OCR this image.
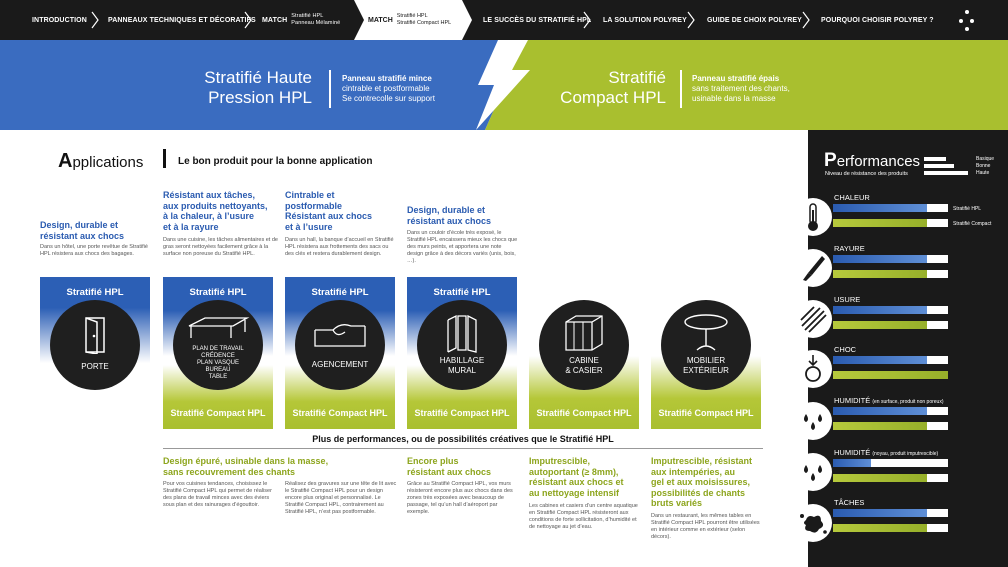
INTRODUCTION	PANNEAUX TECHNIQUES ET DÉCORATIFS MATCH
Stratifié HPL
Panneau Mélaminé	MATCH
Stratifié HPL
Stratifié Compact HPL	LE SUCCÈS DU STRATIFIÉ HPL LA SOLUTION POLYREY	GUIDE DE CHOIX POLYREY	POURQUOI CHOISIR POLYREY ?
Stratifié Haute
Pression HPL
Panneau stratifié mince
cintrable et postformable
Se contrecolle sur support
Stratifié
Compact HPL
Panneau stratifié épais
sans traitement des chants,
usinable dans la masse
Applications	Le bon produit pour la bonne application
Design, durable et
résistant aux chocs
Dans un hôtel, une porte revêtue de Stratifié HPL résistera aux chocs des bagages.
Résistant aux tâches,
aux produits nettoyants,
à la chaleur, à l’usure
et à la rayure
Dans une cuisine, les tâches alimentaires et de gras seront nettoyées facilement grâce à la surface non poreuse du Stratifié HPL.
Cintrable et
postformable
Résistant aux chocs
et à l’usure
Dans un hall, la banque d’accueil en Stratifié HPL résistera aux frottements des sacs ou des clés et restera durablement design.
Design, durable et
résistant aux chocs
Dans un couloir d’école très exposé, le Stratifié HPL encaissera mieux les chocs que des murs peints, et apportera une note design grâce à des décors variés (unis, bois, …).
Stratifié HPL
PORTE
Stratifié HPL
PLAN DE TRAVAIL
CRÉDENCE
PLAN VASQUE
BUREAU
TABLE
Stratifié Compact HPL
Stratifié HPL
AGENCEMENT
Stratifié Compact HPL
Stratifié HPL
HABILLAGE
MURAL
Stratifié Compact HPL
CABINE
& CASIER
Stratifié Compact HPL
MOBILIER
EXTÉRIEUR
Stratifié Compact HPL
Plus de performances, ou de possibilités créatives que le Stratifié HPL
Design épuré, usinable dans la masse,
sans recouvrement des chants
Pour vos cuisines tendances, choisissez le Stratifié Compact HPL qui permet de réaliser des plans de travail minces avec des éviers sous plan et des rainurages d’égouttoir.
Réalisez des gravures sur une tête de lit avec le Stratifié Compact HPL pour un design encore plus original et personnalisé. Le Stratifié Compact HPL, contrairement au Stratifié HPL, n’est pas postformable.
Encore plus
résistant aux chocs
Grâce au Stratifié Compact HPL, vos murs résisteront encore plus aux chocs dans des zones très exposées avec beaucoup de passage, tel qu’un hall d’aéroport par exemple.
Imputrescible,
autoportant (≥ 8mm),
résistant aux chocs et
au nettoyage intensif
Les cabines et casiers d’un centre aquatique en Stratifié Compact HPL résisteront aux conditions de forte sollicitation, d’humidité et de nettoyage au jet d’eau.
Imputrescible, résistant
aux intempéries, au
gel et aux moisissures,
possibilités de chants
bruts variés
Dans un restaurant, les mêmes tables en Stratifié Compact HPL pourront être utilisées en intérieur comme en extérieur (selon décors).
Performances
Niveau de résistance des produits
Basique
Bonne
Haute
CHALEUR
Stratifié HPL
Stratifié Compact
RAYURE
USURE
CHOC
HUMIDITÉ (en surface, produit non poreux)
HUMIDITÉ (noyau, produit imputrescible)
TÂCHES
